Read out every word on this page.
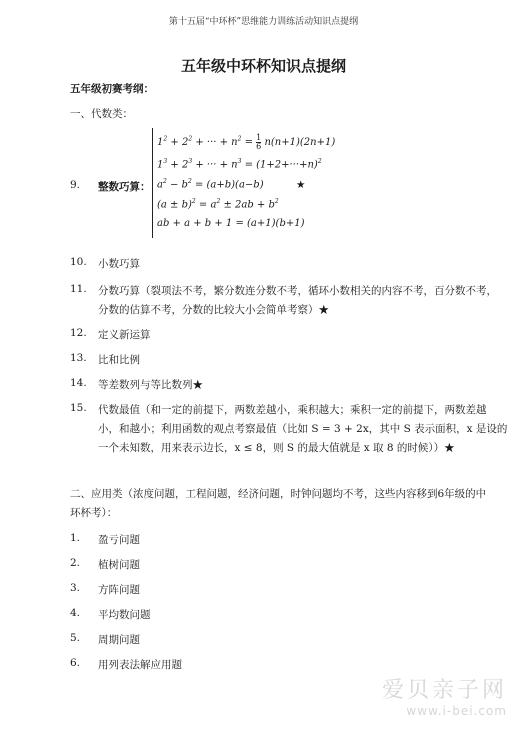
第十五届“中环杯”思维能力训练活动知识点提纲
五年级中环杯知识点提纲
五年级初赛考纲：
一、代数类：
9. 整数巧算：	★
$1^2 + 2^2$ + ··· + $n^2 = \frac{1}{6} n(n+1)(2n+1)$
$1^3 + 2^3$ + ··· + $n^3 = (1+2+\cdot\cdot\cdot+n)^2$
$a^2 - b^2 = (a+b)(a-b)$
$(a \pm b)^2 = a^2 \pm 2ab + b^2$
ab + a + b + 1 = (a+1)(b+1)
10. 小数巧算
11. 分数巧算（裂项法不考，繁分数连分数不考，循环小数相关的内容不考，百分数不考，
分数的估算不考，分数的比较大小会简单考察）★
12. 定义新运算
13. 比和比例
14. 等差数列与等比数列★
15. 代数最值（和一定的前提下，两数差越小，乘积越大；乘积一定的前提下，两数差越
小，和越小；利用函数的观点考察最值（比如 S = 3 + 2x，其中 S 表示面积，x 是设的
一个未知数，用来表示边长，x ≤ 8，则 S 的最大值就是 x 取 8 的时候））★
二、应用类（浓度问题，工程问题，经济问题，时钟问题均不考，这些内容移到6年级的中
环杯考）：
1. 盈亏问题
2. 植树问题
3. 方阵问题
4. 平均数问题
5. 周期问题
6. 用列表法解应用题
爱贝亲子网
www.i-bei.com
